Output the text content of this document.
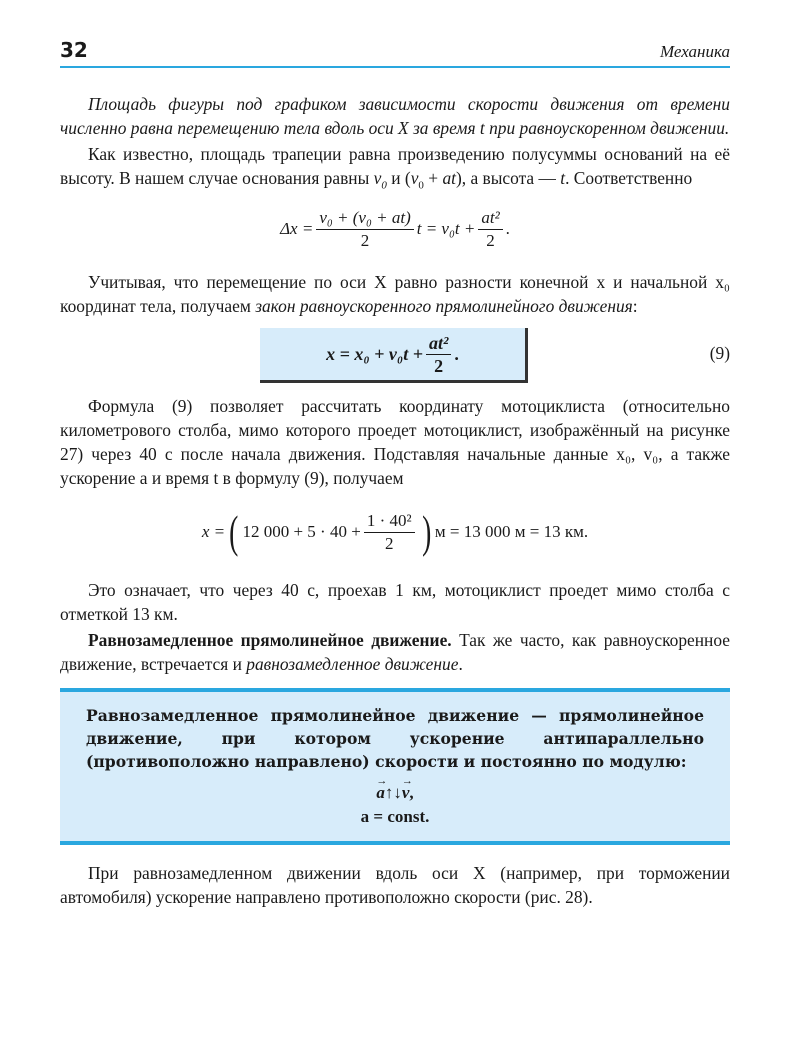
32	Механика

Площадь фигуры под графиком зависимости скорости движения от времени численно равна перемещению тела вдоль оси X за время t при равноускоренном движении.

Как известно, площадь трапеции равна произведению полусуммы оснований на её высоту. В нашем случае основания равны $v_0$ и $(v_0 + at)$, а высота — t. Соответственно

$\Delta x = \frac{\text{v₀ + (v₀ + at)}}{2}$ $t = v_0t + \frac{\text{at²}}{2}$ .

Учитывая, что перемещение по оси X равно разности конечной x и начальной x₀ координат тела, получаем закон равноускоренного прямолинейного движения:

$x = x_0 + v_0t + \frac{\text{at²}}{2}$ .	(9)

Формула (9) позволяет рассчитать координату мотоциклиста (относительно километрового столба, мимо которого проедет мотоциклист, изображённый на рисунке 27) через 40 с после начала движения. Подставляя начальные данные x₀, v₀, а также ускорение a и время t в формулу (9), получаем

x = ( 12 $000 + 5 \cdot 40 + \frac{\text{1 · 40²}}{2}$ ) м = 13 000 м = 13 км.

Это означает, что через 40 с, проехав 1 км, мотоциклист проедет мимо столба с отметкой 13 км.

Равнозамедленное прямолинейное движение. Так же часто, как равноускоренное движение, встречается и равнозамедленное движение.

Равнозамедленное прямолинейное движение — прямолинейное движение, при котором ускорение антипараллельно (противоположно направлено) скорости и постоянно по модулю:

→ a↑↓→ v,
a = const.

При равнозамедленном движении вдоль оси X (например, при торможении автомобиля) ускорение направлено противоположно скорости (рис. 28).
